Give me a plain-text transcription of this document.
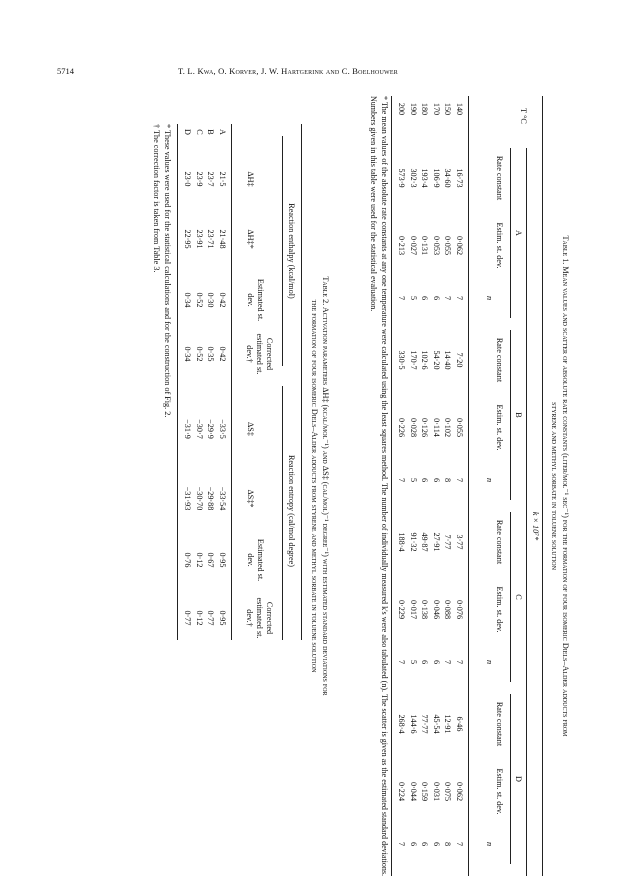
5714	T. L. Kwa, O. Korver, J. W. Hartgerink and C. Boelhouwer
Table 1. Mean values and scatter of absolute rate constants (liter/mol⁻¹ sec⁻¹) for the formation of four isomeric Diels–Alder adducts from
styrene and methyl sorbate in toluene solution
k × 10⁷*
T °C
A
B
C
D
Rate constant
Estim. st. dev.
n
Rate constant
Estim. st. dev.
n
Rate constant
Estim. st. dev.
n
Rate constant
Estim. st. dev.
n
140
16·73
0·062
7
7·20
0·055
7
3·77
0·076
7
6·46
0·062
7
150
34·60
0·055
7
14·40
0·102
8
7·77
0·088
7
12·91
0·075
8
170
106·9
0·053
6
54·20
0·114
6
27·91
0·046
6
45·54
0·031
6
180
193·4
0·131
6
102·6
0·126
6
49·87
0·138
6
77·77
0·159
6
190
302·3
0·027
5
170·7
0·028
5
91·32
0·017
5
144·6
0·044
6
200
573·9
0·213
7
330·5
0·226
7
188·4
0·229
7
268·4
0·224
7
* The mean values of the absolute rate constants at any one temperature were calculated using the least squares method. The number of individually measured k's were also tabulated (n). The scatter is given as the estimated standard deviations. Numbers given in this table were used for the statistical evaluation.
Table 2. Activation parameters ΔH‡ (kcal/mol⁻¹) and ΔS‡ (cal/mol)⁻¹ degree⁻¹) with estimated standard deviations for
the formation of four isomeric Diels–Alder adducts from styrene and methyl sorbate in toluene solution
Reaction enthalpy (kcal/mol)
Reaction entropy (cal/mol degree)
ΔH‡
ΔH‡*
Estimated st. dev.
Corrected estimated st. dev.†
ΔS‡
ΔS‡*
Estimated st. dev.
Corrected estimated st. dev.†
A
21·5
21·48
0·42
0·42
−33·5
−33·54
0·95
0·95
B
23·7
23·71
0·30
0·35
−29·9
−29·88
0·67
0·77
C
23·9
23·91
0·52
0·52
−30·7
−30·70
0·12
0·12
D
23·0
22·95
0·34
0·34
−31·9
−31·93
0·76
0·77
* These values were used for the statistical calculations and for the construction of Fig. 2.
† The correction factor is taken from Table 3.
